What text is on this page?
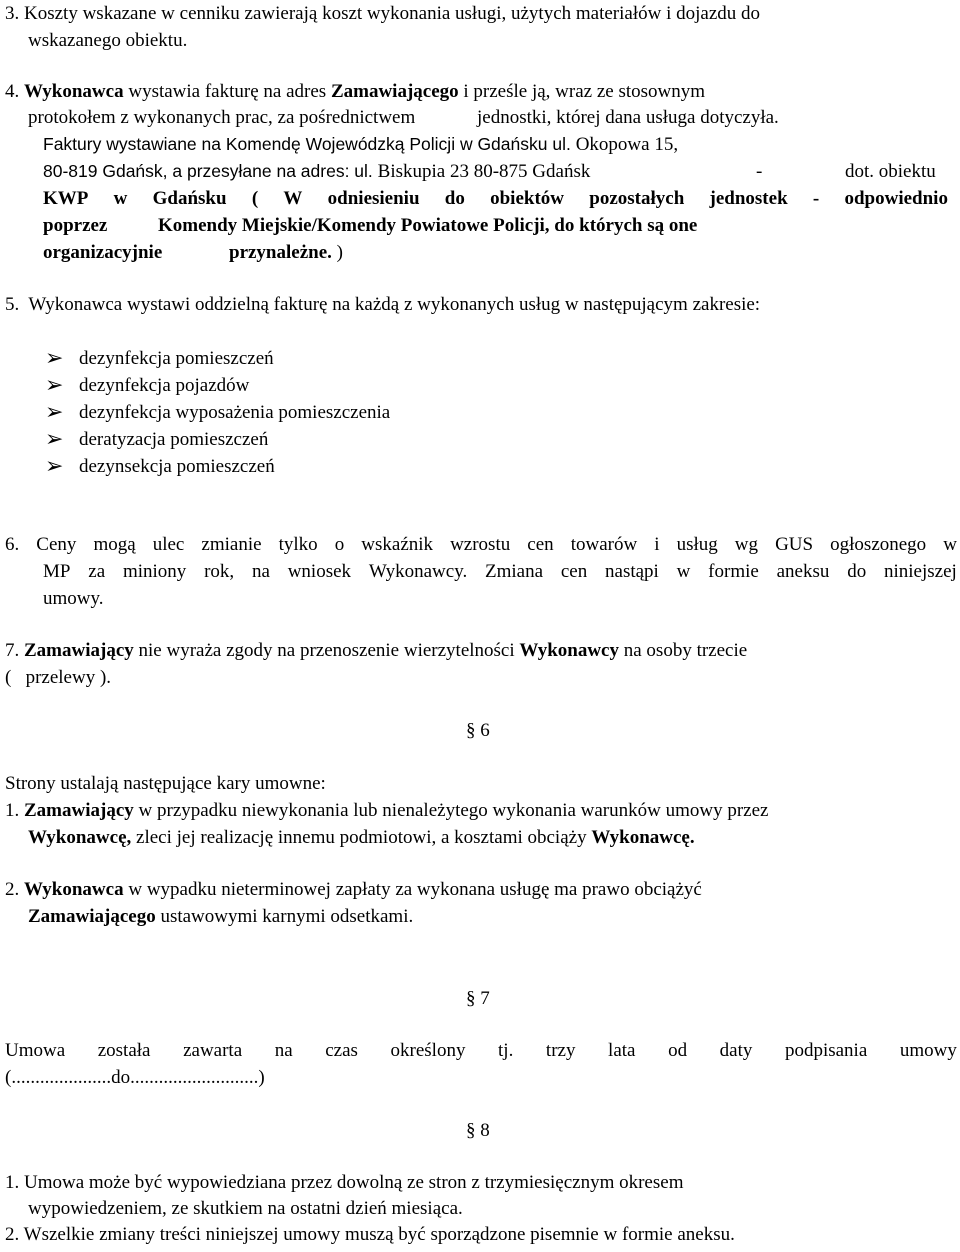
3. Koszty wskazane w cenniku zawierają koszt wykonania usługi, użytych materiałów i dojazdu do
wskazanego obiektu.
4. Wykonawca wystawia fakturę na adres Zamawiającego i prześle ją, wraz ze stosownym
protokołem z wykonanych prac, za pośrednictwem	jednostki, której dana usługa dotyczyła.
Faktury wystawiane na Komendę Wojewódzką Policji w Gdańsku ul. Okopowa 15,
80-819 Gdańsk, a przesyłane na adres: ul. Biskupia 23 80-875 Gdańsk	-	dot. obiektu
KWP w Gdańsku ( W odniesieniu do obiektów pozostałych jednostek - odpowiednio
poprzez	Komendy Miejskie/Komendy Powiatowe Policji, do których są one
organizacyjnie	przynależne. )
5. Wykonawca wystawi oddzielną fakturę na każdą z wykonanych usług w następującym zakresie:
➢ dezynfekcja pomieszczeń
➢ dezynfekcja pojazdów
➢ dezynfekcja wyposażenia pomieszczenia
➢ deratyzacja pomieszczeń
➢ dezynsekcja pomieszczeń
6. Ceny mogą ulec zmianie tylko o wskaźnik wzrostu cen towarów i usług wg GUS ogłoszonego w
MP za miniony rok, na wniosek Wykonawcy. Zmiana cen nastąpi w formie aneksu do niniejszej
umowy.
7. Zamawiający nie wyraża zgody na przenoszenie wierzytelności Wykonawcy na osoby trzecie
(   przelewy ).
§ 6
Strony ustalają następujące kary umowne:
1. Zamawiający w przypadku niewykonania lub nienależytego wykonania warunków umowy przez
Wykonawcę, zleci jej realizację innemu podmiotowi, a kosztami obciąży Wykonawcę.
2. Wykonawca w wypadku nieterminowej zapłaty za wykonana usługę ma prawo obciążyć
Zamawiającego ustawowymi karnymi odsetkami.
§ 7
Umowa została zawarta na czas określony tj. trzy lata od daty podpisania umowy
(.....................do...........................)
§ 8
1. Umowa może być wypowiedziana przez dowolną ze stron z trzymiesięcznym okresem
wypowiedzeniem, ze skutkiem na ostatni dzień miesiąca.
2. Wszelkie zmiany treści niniejszej umowy muszą być sporządzone pisemnie w formie aneksu.
